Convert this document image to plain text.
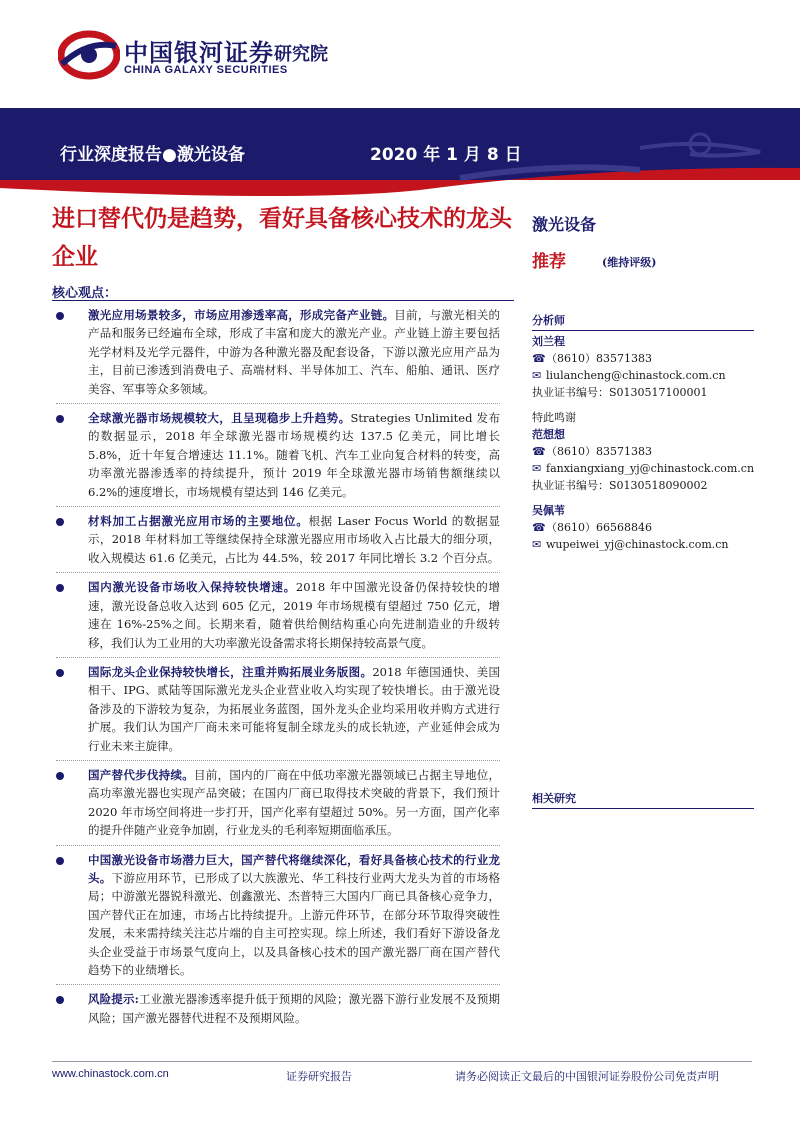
中国银河证券
CHINA GALAXY SECURITIES
研究院
行业深度报告●激光设备	2020 年 1 月 8 日
进口替代仍是趋势，看好具备核心技术的龙头企业
核心观点：
激光应用场景较多，市场应用渗透率高，形成完备产业链。目前，与激光相关的产品和服务已经遍布全球，形成了丰富和庞大的激光产业。产业链上游主要包括光学材料及光学元器件，中游为各种激光器及配套设备，下游以激光应用产品为主，目前已渗透到消费电子、高端材料、半导体加工、汽车、船舶、通讯、医疗美容、军事等众多领域。
全球激光器市场规模较大，且呈现稳步上升趋势。Strategies Unlimited 发布的数据显示，2018 年全球激光器市场规模约达 137.5 亿美元，同比增长 5.8%，近十年复合增速达 11.1%。随着飞机、汽车工业向复合材料的转变，高功率激光器渗透率的持续提升，预计 2019 年全球激光器市场销售额继续以 6.2%的速度增长，市场规模有望达到 146 亿美元。
材料加工占据激光应用市场的主要地位。根据 Laser Focus World 的数据显示，2018 年材料加工等继续保持全球激光器应用市场收入占比最大的细分项，收入规模达 61.6 亿美元，占比为 44.5%，较 2017 年同比增长 3.2 个百分点。
国内激光设备市场收入保持较快增速。2018 年中国激光设备仍保持较快的增速，激光设备总收入达到 605 亿元，2019 年市场规模有望超过 750 亿元，增速在 16%-25%之间。长期来看，随着供给侧结构重心向先进制造业的升级转移，我们认为工业用的大功率激光设备需求将长期保持较高景气度。
国际龙头企业保持较快增长，注重并购拓展业务版图。2018 年德国通快、美国相干、IPG、贰陆等国际激光龙头企业营业收入均实现了较快增长。由于激光设备涉及的下游较为复杂，为拓展业务蓝图，国外龙头企业均采用收并购方式进行扩展。我们认为国产厂商未来可能将复制全球龙头的成长轨迹，产业延伸会成为行业未来主旋律。
国产替代步伐持续。目前，国内的厂商在中低功率激光器领域已占据主导地位，高功率激光器也实现产品突破；在国内厂商已取得技术突破的背景下，我们预计 2020 年市场空间将进一步打开，国产化率有望超过 50%。另一方面，国产化率的提升伴随产业竞争加剧，行业龙头的毛利率短期面临承压。
中国激光设备市场潜力巨大，国产替代将继续深化，看好具备核心技术的行业龙头。下游应用环节，已形成了以大族激光、华工科技行业两大龙头为首的市场格局；中游激光器锐科激光、创鑫激光、杰普特三大国内厂商已具备核心竞争力，国产替代正在加速，市场占比持续提升。上游元件环节，在部分环节取得突破性发展，未来需持续关注芯片端的自主可控实现。综上所述，我们看好下游设备龙头企业受益于市场景气度向上，以及具备核心技术的国产激光器厂商在国产替代趋势下的业绩增长。
风险提示:工业激光器渗透率提升低于预期的风险；激光器下游行业发展不及预期风险；国产激光器替代进程不及预期风险。
激光设备
推荐	(维持评级)
分析师
刘兰程
☎（8610）83571383
✉ liulancheng@chinastock.com.cn
执业证书编号：S0130517100001
特此鸣谢
范想想
☎（8610）83571383
✉ fanxiangxiang_yj@chinastock.com.cn
执业证书编号：S0130518090002
吴佩苇
☎（8610）66568846
✉ wupeiwei_yj@chinastock.com.cn
相关研究
www.chinastock.com.cn	证券研究报告	请务必阅读正文最后的中国银河证券股份公司免责声明
